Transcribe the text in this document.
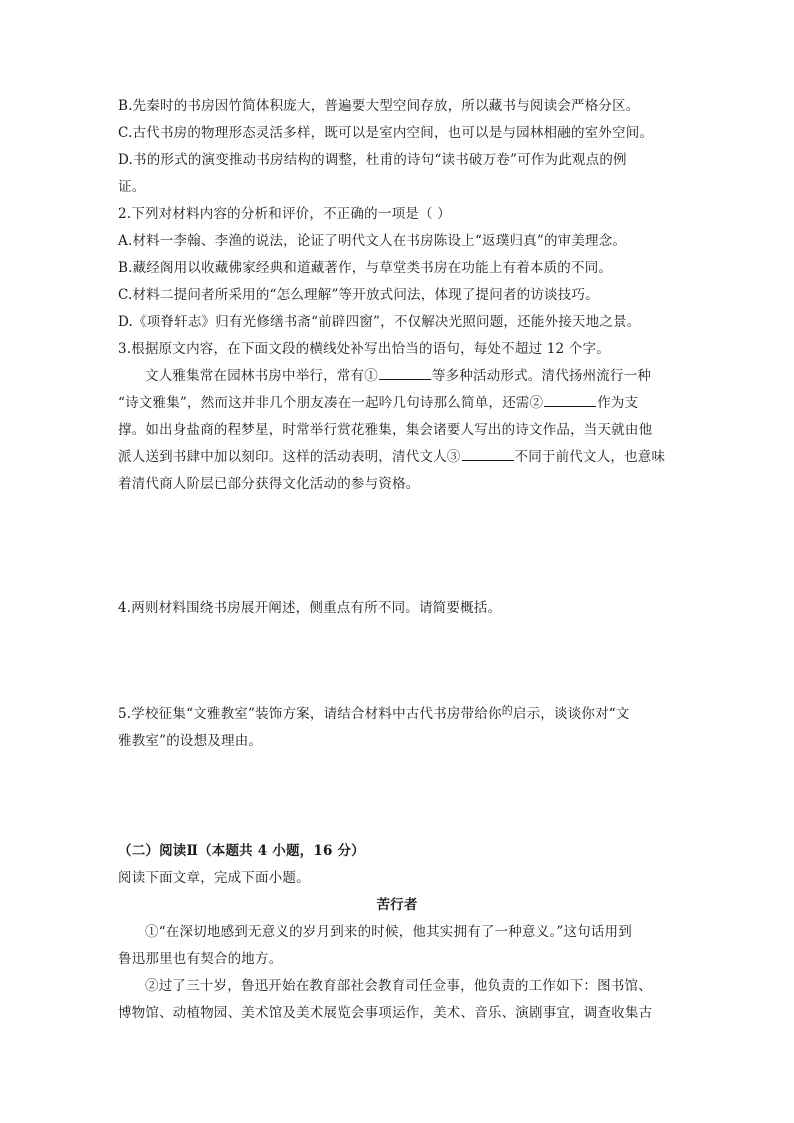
B.先秦时的书房因竹简体积庞大，普遍要大型空间存放，所以藏书与阅读会严格分区。
C.古代书房的物理形态灵活多样，既可以是室内空间，也可以是与园林相融的室外空间。
D.书的形式的演变推动书房结构的调整，杜甫的诗句“读书破万卷”可作为此观点的例
证。
2.下列对材料内容的分析和评价，不正确的一项是（ ）
A.材料一李翰、李渔的说法，论证了明代文人在书房陈设上“返璞归真”的审美理念。
B.藏经阁用以收藏佛家经典和道藏著作，与草堂类书房在功能上有着本质的不同。
C.材料二提问者所采用的“怎么理解”等开放式问法，体现了提问者的访谈技巧。
D.《项脊轩志》归有光修缮书斋“前辟四窗”，不仅解决光照问题，还能外接天地之景。
3.根据原文内容，在下面文段的横线处补写出恰当的语句，每处不超过 12 个字。
文人雅集常在园林书房中举行，常有①	等多种活动形式。清代扬州流行一种
“诗文雅集”，然而这并非几个朋友凑在一起吟几句诗那么简单，还需②	作为支
撑。如出身盐商的程梦星，时常举行赏花雅集，集会诸要人写出的诗文作品，当天就由他
派人送到书肆中加以刻印。这样的活动表明，清代文人③	不同于前代文人，也意味
着清代商人阶层已部分获得文化活动的参与资格。
4.两则材料围绕书房展开阐述，侧重点有所不同。请简要概括。
5.学校征集“文雅教室”装饰方案，请结合材料中古代书房带给你$^的$启示，谈谈你对“文
雅教室”的设想及理由。
（二）阅读Ⅱ（本题共 4 小题，16 分）
阅读下面文章，完成下面小题。
苦行者
①“在深切地感到无意义的岁月到来的时候，他其实拥有了一种意义。”这句话用到
鲁迅那里也有契合的地方。
②过了三十岁，鲁迅开始在教育部社会教育司任佥事，他负责的工作如下：图书馆、
博物馆、动植物园、美术馆及美术展览会事项运作，美术、音乐、演剧事宜，调查收集古
